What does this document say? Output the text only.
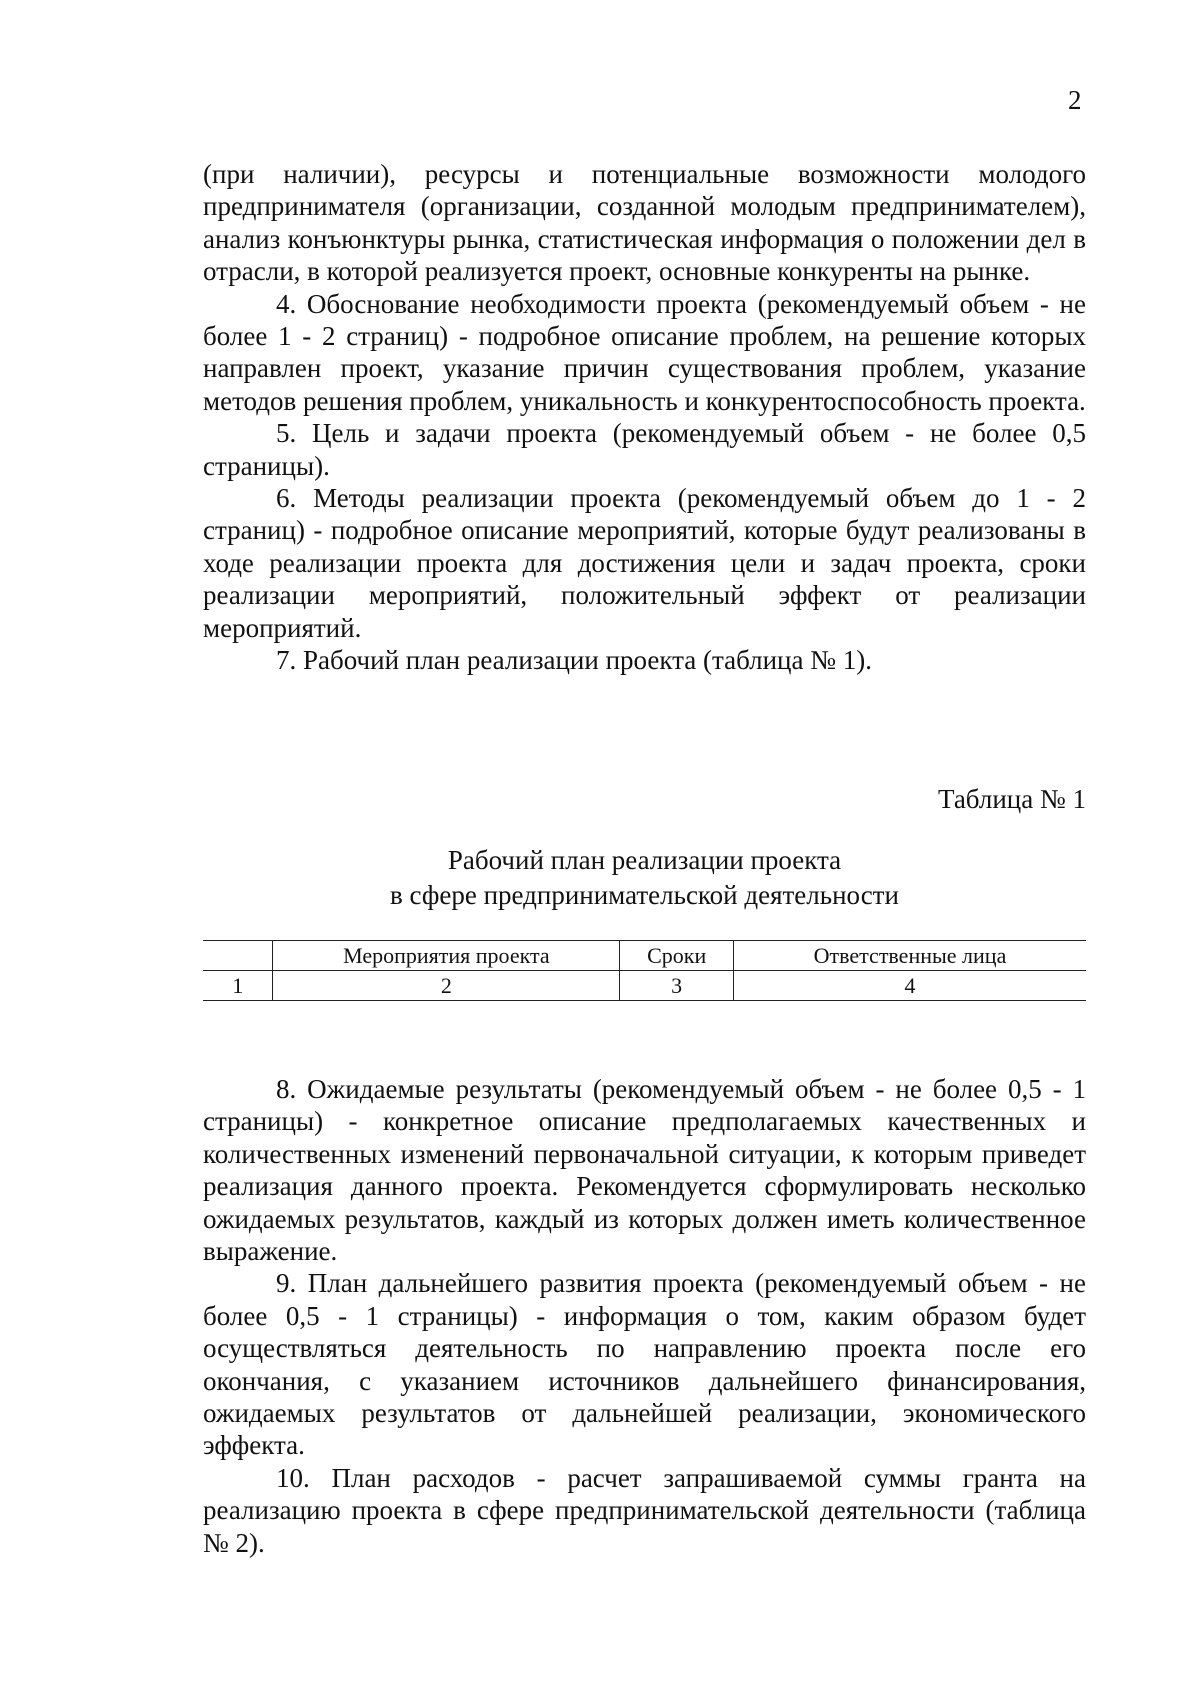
2

(при наличии), ресурсы и потенциальные возможности молодого предпринимателя (организации, созданной молодым предпринимателем), анализ конъюнктуры рынка, статистическая информация о положении дел в отрасли, в которой реализуется проект, основные конкуренты на рынке.

4. Обоснование необходимости проекта (рекомендуемый объем - не более 1 - 2 страниц) - подробное описание проблем, на решение которых направлен проект, указание причин существования проблем, указание методов решения проблем, уникальность и конкурентоспособность проекта.

5. Цель и задачи проекта (рекомендуемый объем - не более 0,5 страницы).

6. Методы реализации проекта (рекомендуемый объем до 1 - 2 страниц) - подробное описание мероприятий, которые будут реализованы в ходе реализации проекта для достижения цели и задач проекта, сроки реализации мероприятий, положительный эффект от реализации мероприятий.

7. Рабочий план реализации проекта (таблица № 1).

Таблица № 1
Рабочий план реализации проекта
в сфере предпринимательской деятельности
	Мероприятия проекта	Сроки	Ответственные лица
1	2	3	4

8. Ожидаемые результаты (рекомендуемый объем - не более 0,5 - 1 страницы) - конкретное описание предполагаемых качественных и количественных изменений первоначальной ситуации, к которым приведет реализация данного проекта. Рекомендуется сформулировать несколько ожидаемых результатов, каждый из которых должен иметь количественное выражение.

9. План дальнейшего развития проекта (рекомендуемый объем - не более 0,5 - 1 страницы) - информация о том, каким образом будет осуществляться деятельность по направлению проекта после его окончания, с указанием источников дальнейшего финансирования, ожидаемых результатов от дальнейшей реализации, экономического эффекта.

10. План расходов - расчет запрашиваемой суммы гранта на реализацию проекта в сфере предпринимательской деятельности (таблица № 2).
